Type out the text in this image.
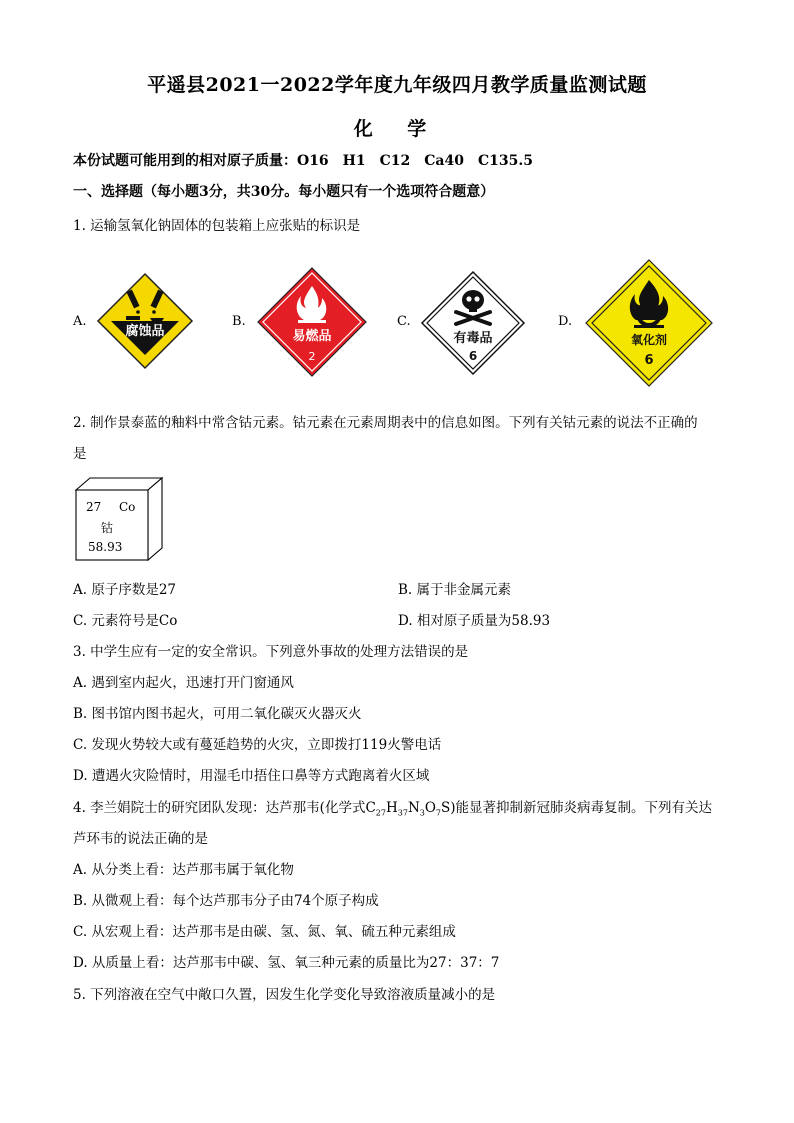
平遥县2021一2022学年度九年级四月教学质量监测试题
化 学
本份试题可能用到的相对原子质量：O16　H1　C12　Ca40　C135.5
一、选择题（每小题3分，共30分。每小题只有一个选项符合题意）
1. 运输氢氧化钠固体的包装箱上应张贴的标识是
A.	B.	C.	D.
腐蚀品	易燃品
2
有毒品
6
氧化剂
6
2. 制作景泰蓝的釉料中常含钴元素。钴元素在元素周期表中的信息如图。下列有关钴元素的说法不正确的
是
27 Co
钴
58.93
A. 原子序数是27	B. 属于非金属元素
C. 元素符号是Co	D. 相对原子质量为58.93
3. 中学生应有一定的安全常识。下列意外事故的处理方法错误的是
A. 遇到室内起火，迅速打开门窗通风
B. 图书馆内图书起火，可用二氧化碳灭火器灭火
C. 发现火势较大或有蔓延趋势的火灾，立即拨打119火警电话
D. 遭遇火灾险情时，用湿毛巾捂住口鼻等方式跑离着火区域
4. 李兰娟院士的研究团队发现：达芦那韦(化学式$C_{27}H_{37}N_3O_7S$)能显著抑制新冠肺炎病毒复制。下列有关达
芦环韦的说法正确的是
A. 从分类上看：达芦那韦属于氧化物
B. 从微观上看：每个达芦那韦分子由74个原子构成
C. 从宏观上看：达芦那韦是由碳、氢、氮、氧、硫五种元素组成
D. 从质量上看：达芦那韦中碳、氢、氧三种元素的质量比为27：37：7
5. 下列溶液在空气中敞口久置，因发生化学变化导致溶液质量减小的是
